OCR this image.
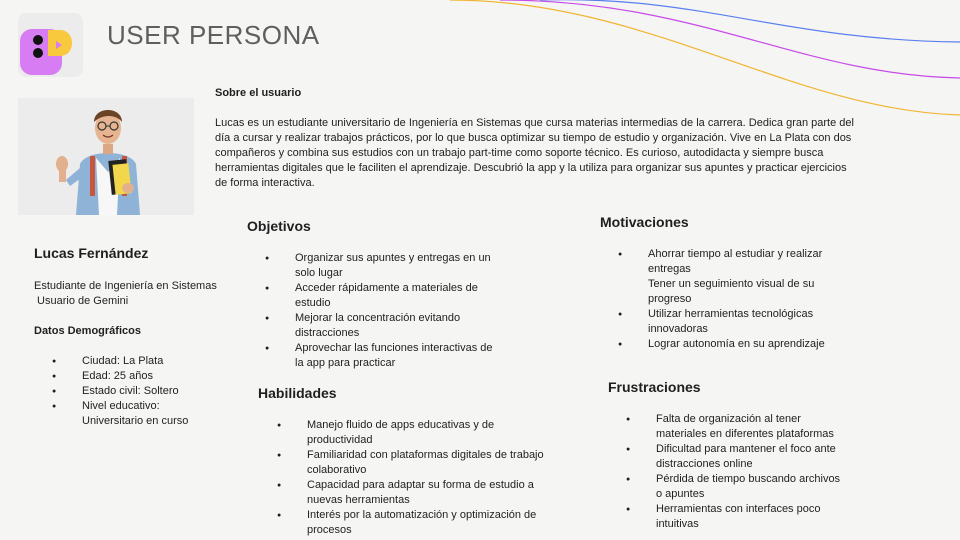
USER PERSONA
Sobre el usuario
Lucas es un estudiante universitario de Ingeniería en Sistemas que cursa materias intermedias de la carrera. Dedica gran parte del día a cursar y realizar trabajos prácticos, por lo que busca optimizar su tiempo de estudio y organización. Vive en La Plata con dos compañeros y combina sus estudios con un trabajo part-time como soporte técnico. Es curioso, autodidacta y siempre busca herramientas digitales que le faciliten el aprendizaje. Descubrió la app y la utiliza para organizar sus apuntes y practicar ejercicios de forma interactiva.
Lucas Fernández
Estudiante de Ingeniería en Sistemas
Usuario de Gemini
Datos Demográficos
● Ciudad: La Plata
● Edad: 25 años
● Estado civil: Soltero
● Nivel educativo: Universitario en curso
Objetivos
● Organizar sus apuntes y entregas en un solo lugar
● Acceder rápidamente a materiales de estudio
● Mejorar la concentración evitando distracciones
● Aprovechar las funciones interactivas de la app para practicar
Habilidades
● Manejo fluido de apps educativas y de productividad
● Familiaridad con plataformas digitales de trabajo colaborativo
● Capacidad para adaptar su forma de estudio a nuevas herramientas
● Interés por la automatización y optimización de procesos
Motivaciones
● Ahorrar tiempo al estudiar y realizar entregas
Tener un seguimiento visual de su progreso
● Utilizar herramientas tecnológicas innovadoras
● Lograr autonomía en su aprendizaje
Frustraciones
● Falta de organización al tener materiales en diferentes plataformas
● Dificultad para mantener el foco ante distracciones online
● Pérdida de tiempo buscando archivos o apuntes
● Herramientas con interfaces poco intuitivas
